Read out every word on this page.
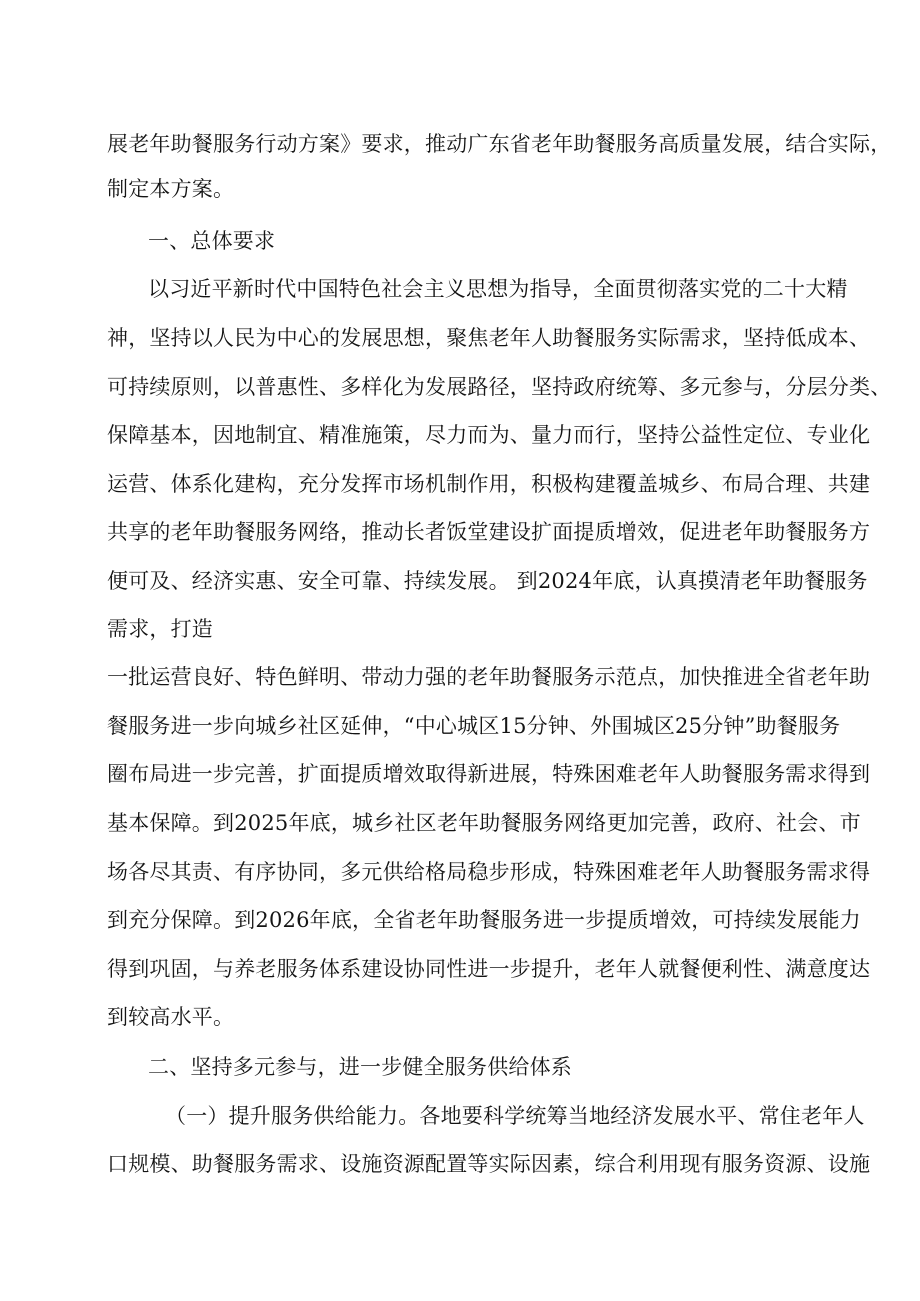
展老年助餐服务行动方案》要求，推动广东省老年助餐服务高质量发展，结合实际，
制定本方案。
一、总体要求
以习近平新时代中国特色社会主义思想为指导，全面贯彻落实党的二十大精
神，坚持以人民为中心的发展思想，聚焦老年人助餐服务实际需求，坚持低成本、
可持续原则，以普惠性、多样化为发展路径，坚持政府统筹、多元参与，分层分类、
保障基本，因地制宜、精准施策，尽力而为、量力而行，坚持公益性定位、专业化
运营、体系化建构，充分发挥市场机制作用，积极构建覆盖城乡、布局合理、共建
共享的老年助餐服务网络，推动长者饭堂建设扩面提质增效，促进老年助餐服务方
便可及、经济实惠、安全可靠、持续发展。 到2024年底，认真摸清老年助餐服务
需求，打造
一批运营良好、特色鲜明、带动力强的老年助餐服务示范点，加快推进全省老年助
餐服务进一步向城乡社区延伸，“中心城区15分钟、外围城区25分钟”助餐服务
圈布局进一步完善，扩面提质增效取得新进展，特殊困难老年人助餐服务需求得到
基本保障。到2025年底，城乡社区老年助餐服务网络更加完善，政府、社会、市
场各尽其责、有序协同，多元供给格局稳步形成，特殊困难老年人助餐服务需求得
到充分保障。到2026年底，全省老年助餐服务进一步提质增效，可持续发展能力
得到巩固，与养老服务体系建设协同性进一步提升，老年人就餐便利性、满意度达
到较高水平。
二、坚持多元参与，进一步健全服务供给体系
（一）提升服务供给能力。各地要科学统筹当地经济发展水平、常住老年人
口规模、助餐服务需求、设施资源配置等实际因素，综合利用现有服务资源、设施
